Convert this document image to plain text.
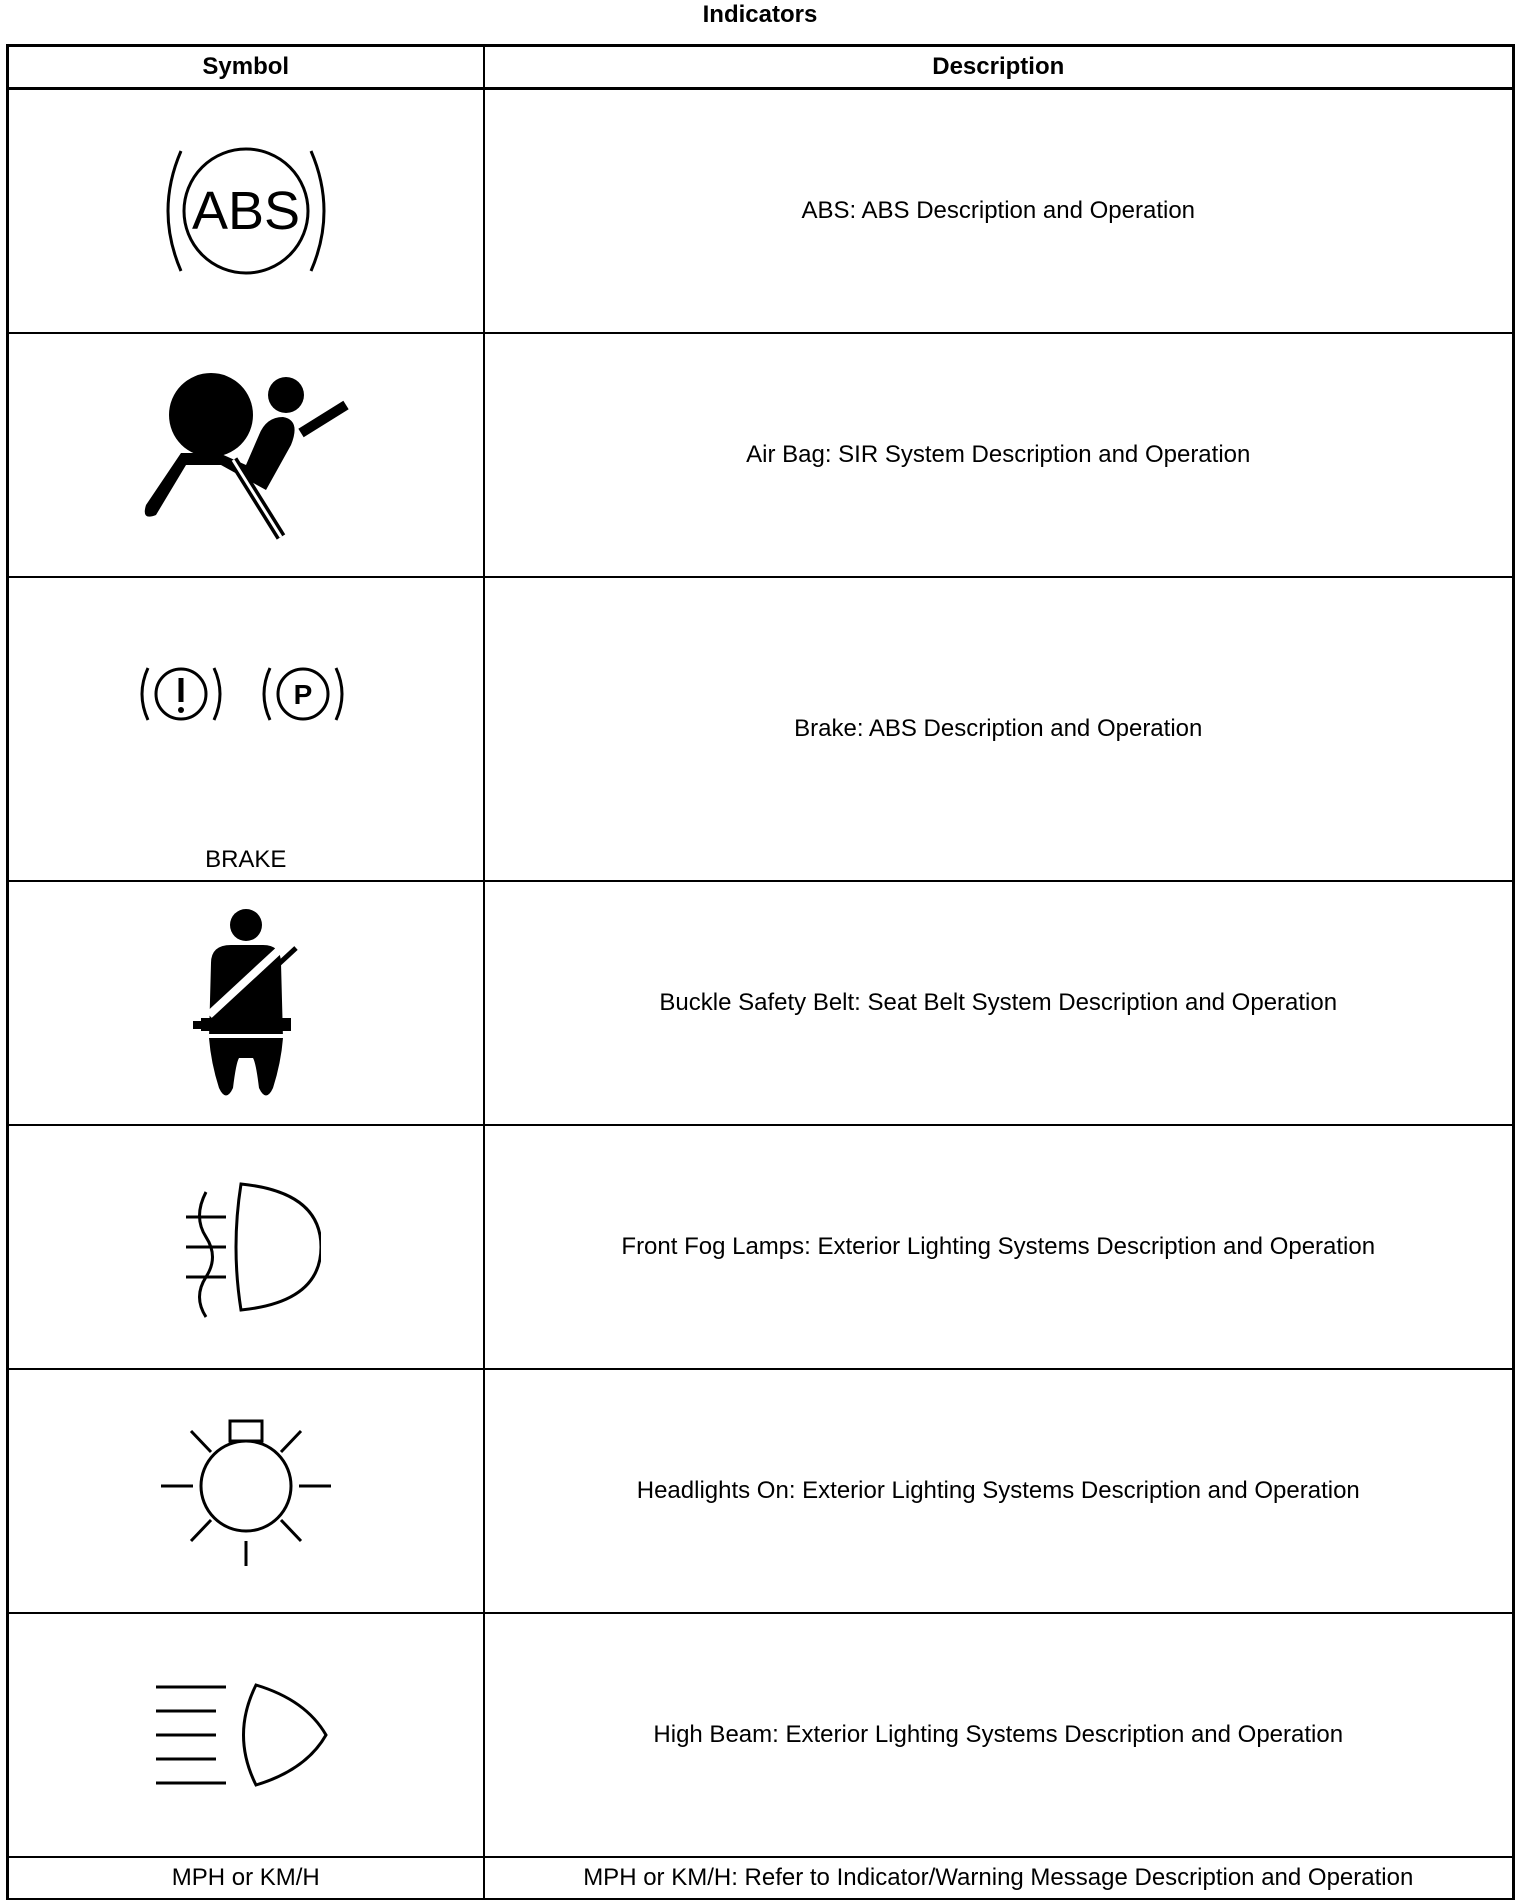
Indicators
Symbol	Description

ABS	ABS: ABS Description and Operation

	Air Bag: SIR System Description and Operation

P
BRAKE	Brake: ABS Description and Operation

	Buckle Safety Belt: Seat Belt System Description and Operation

	Front Fog Lamps: Exterior Lighting Systems Description and Operation

	Headlights On: Exterior Lighting Systems Description and Operation

	High Beam: Exterior Lighting Systems Description and Operation
MPH or KM/H	MPH or KM/H: Refer to Indicator/Warning Message Description and Operation
